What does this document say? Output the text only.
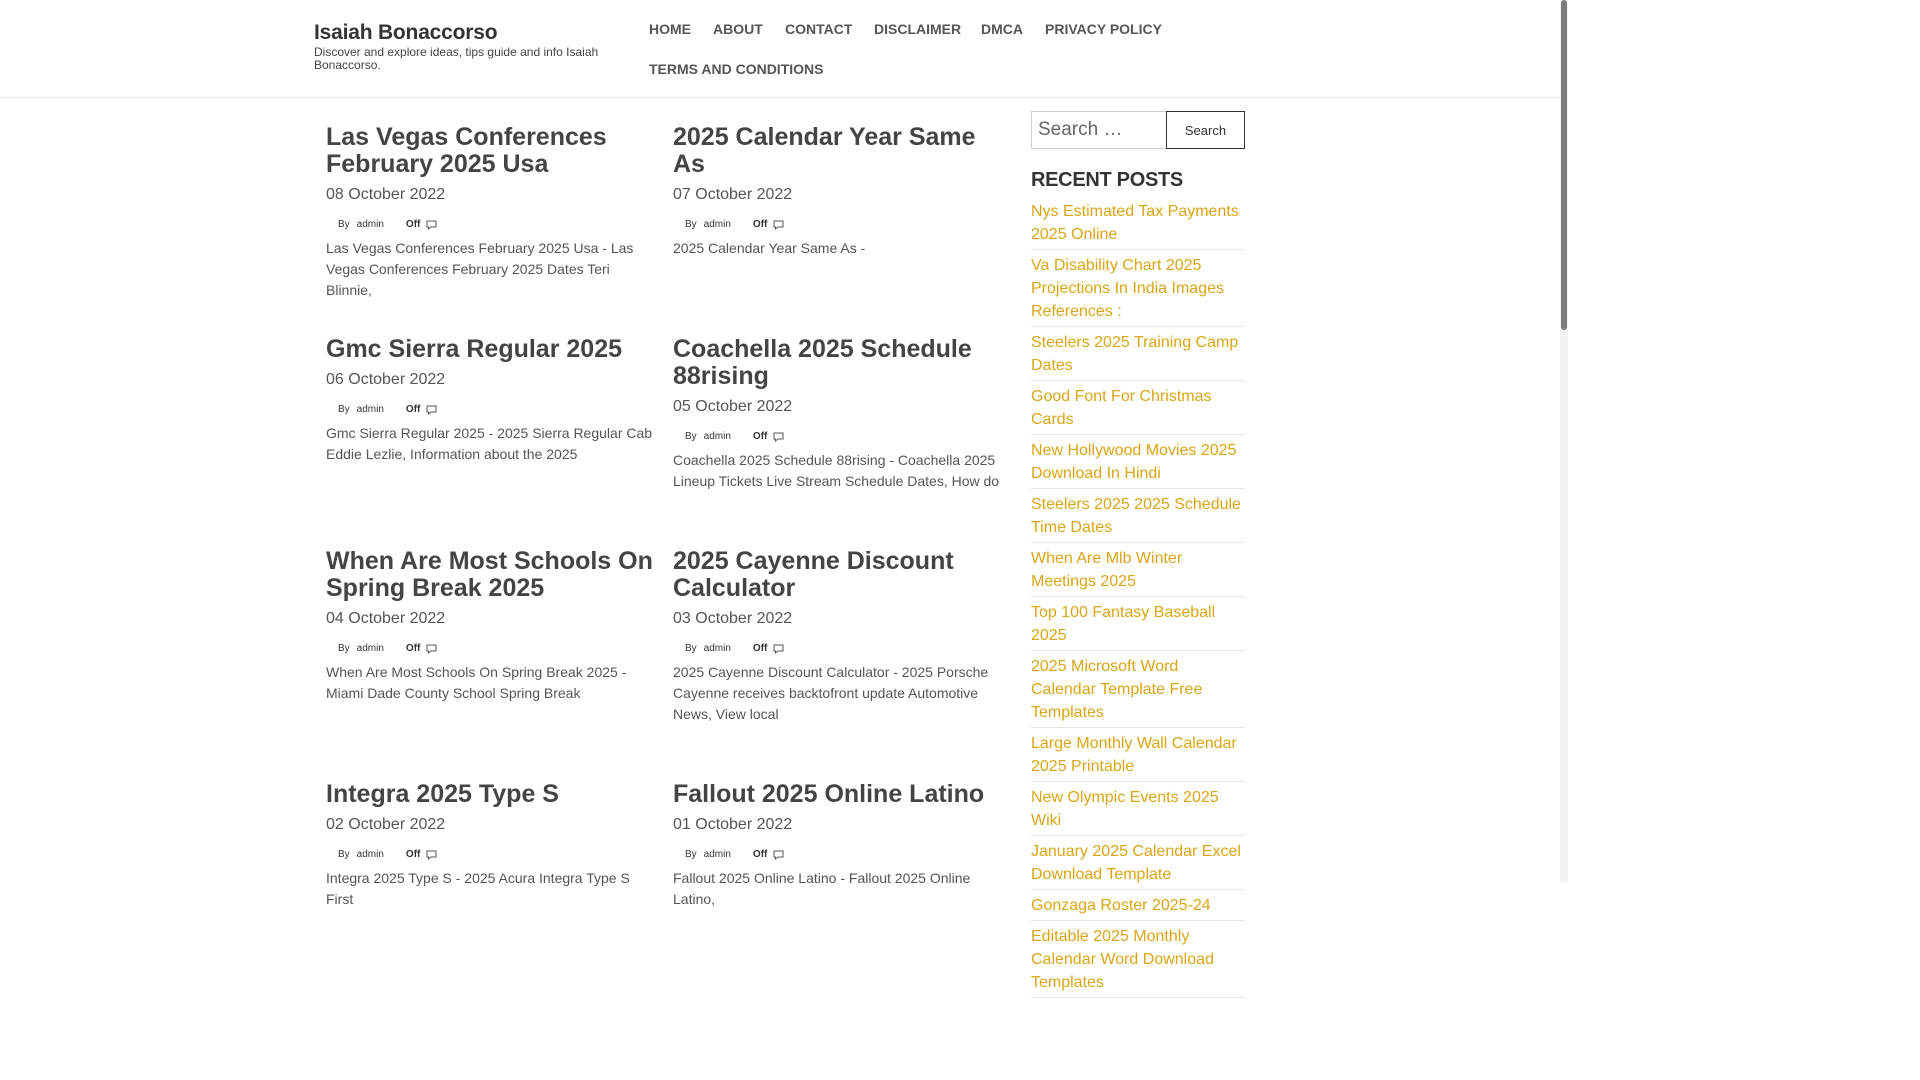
Isaiah Bonaccorso
Discover and explore ideas, tips guide and info Isaiah Bonaccorso.
HOME ABOUT CONTACT DISCLAIMER DMCA PRIVACY POLICY
TERMS AND CONDITIONS
Las Vegas Conferences February 2025 Usa
08 October 2022
By admin Off
Las Vegas Conferences February 2025 Usa - Las Vegas Conferences February 2025 Dates Teri Blinnie,
2025 Calendar Year Same As
07 October 2022
By admin Off
2025 Calendar Year Same As -
Gmc Sierra Regular 2025
06 October 2022
By admin Off
Gmc Sierra Regular 2025 - 2025 Sierra Regular Cab Eddie Lezlie, Information about the 2025
Coachella 2025 Schedule 88rising
05 October 2022
By admin Off
Coachella 2025 Schedule 88rising - Coachella 2025 Lineup Tickets Live Stream Schedule Dates, How do
When Are Most Schools On Spring Break 2025
04 October 2022
By admin Off
When Are Most Schools On Spring Break 2025 - Miami Dade County School Spring Break
2025 Cayenne Discount Calculator
03 October 2022
By admin Off
2025 Cayenne Discount Calculator - 2025 Porsche Cayenne receives backtofront update Automotive News, View local
Integra 2025 Type S
02 October 2022
By admin Off
Integra 2025 Type S - 2025 Acura Integra Type S First
Fallout 2025 Online Latino
01 October 2022
By admin Off
Fallout 2025 Online Latino - Fallout 2025 Online Latino,
Search …
Search
RECENT POSTS
Nys Estimated Tax Payments 2025 Online
Va Disability Chart 2025 Projections In India Images References :
Steelers 2025 Training Camp Dates
Good Font For Christmas Cards
New Hollywood Movies 2025 Download In Hindi
Steelers 2025 2025 Schedule Time Dates
When Are Mlb Winter Meetings 2025
Top 100 Fantasy Baseball 2025
2025 Microsoft Word Calendar Template Free Templates
Large Monthly Wall Calendar 2025 Printable
New Olympic Events 2025 Wiki
January 2025 Calendar Excel Download Template
Gonzaga Roster 2025-24
Editable 2025 Monthly Calendar Word Download Templates
